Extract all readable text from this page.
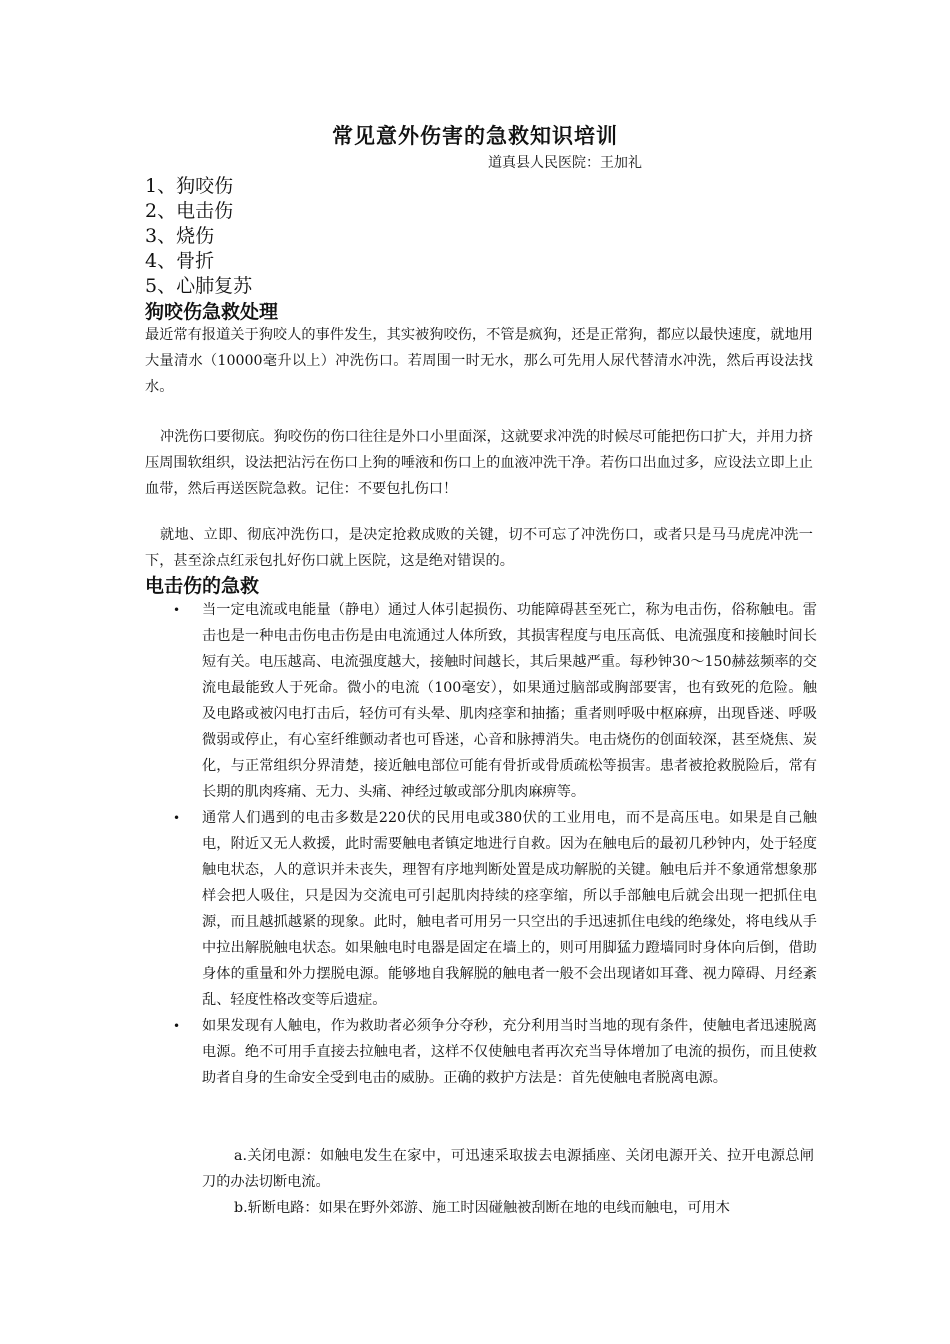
常见意外伤害的急救知识培训
道真县人民医院：王加礼
1、狗咬伤
2、电击伤
3、烧伤
4、骨折
5、心肺复苏
狗咬伤急救处理
最近常有报道关于狗咬人的事件发生，其实被狗咬伤，不管是疯狗，还是正常狗，都应以最快速度，就地用大量清水（10000毫升以上）冲洗伤口。若周围一时无水，那么可先用人尿代替清水冲洗，然后再设法找水。
冲洗伤口要彻底。狗咬伤的伤口往往是外口小里面深，这就要求冲洗的时候尽可能把伤口扩大，并用力挤压周围软组织，设法把沾污在伤口上狗的唾液和伤口上的血液冲洗干净。若伤口出血过多，应设法立即上止血带，然后再送医院急救。记住：不要包扎伤口！
就地、立即、彻底冲洗伤口，是决定抢救成败的关键，切不可忘了冲洗伤口，或者只是马马虎虎冲洗一下，甚至涂点红汞包扎好伤口就上医院，这是绝对错误的。
电击伤的急救
• 当一定电流或电能量（静电）通过人体引起损伤、功能障碍甚至死亡，称为电击伤，俗称触电。雷击也是一种电击伤电击伤是由电流通过人体所致，其损害程度与电压高低、电流强度和接触时间长短有关。电压越高、电流强度越大，接触时间越长，其后果越严重。每秒钟30～150赫兹频率的交流电最能致人于死命。微小的电流（100毫安），如果通过脑部或胸部要害，也有致死的危险。触及电路或被闪电打击后，轻仿可有头晕、肌肉痉挛和抽搐；重者则呼吸中枢麻痹，出现昏迷、呼吸微弱或停止，有心室纤维颤动者也可昏迷，心音和脉搏消失。电击烧伤的创面较深，甚至烧焦、炭化，与正常组织分界清楚，接近触电部位可能有骨折或骨质疏松等损害。患者被抢救脱险后，常有长期的肌肉疼痛、无力、头痛、神经过敏或部分肌肉麻痹等。
• 通常人们遇到的电击多数是220伏的民用电或380伏的工业用电，而不是高压电。如果是自己触电，附近又无人救援，此时需要触电者镇定地进行自救。因为在触电后的最初几秒钟内，处于轻度触电状态，人的意识并未丧失，理智有序地判断处置是成功解脱的关键。触电后并不象通常想象那样会把人吸住，只是因为交流电可引起肌肉持续的痉挛缩，所以手部触电后就会出现一把抓住电源，而且越抓越紧的现象。此时，触电者可用另一只空出的手迅速抓住电线的绝缘处，将电线从手中拉出解脱触电状态。如果触电时电器是固定在墙上的，则可用脚猛力蹬墙同时身体向后倒，借助身体的重量和外力摆脱电源。能够地自我解脱的触电者一般不会出现诸如耳聋、视力障碍、月经紊乱、轻度性格改变等后遗症。
• 如果发现有人触电，作为救助者必须争分夺秒，充分利用当时当地的现有条件，使触电者迅速脱离电源。绝不可用手直接去拉触电者，这样不仅使触电者再次充当导体增加了电流的损伤，而且使救助者自身的生命安全受到电击的威胁。正确的救护方法是：首先使触电者脱离电源。
a.关闭电源：如触电发生在家中，可迅速采取拔去电源插座、关闭电源开关、拉开电源总闸刀的办法切断电流。
b.斩断电路：如果在野外郊游、施工时因碰触被刮断在地的电线而触电，可用木
